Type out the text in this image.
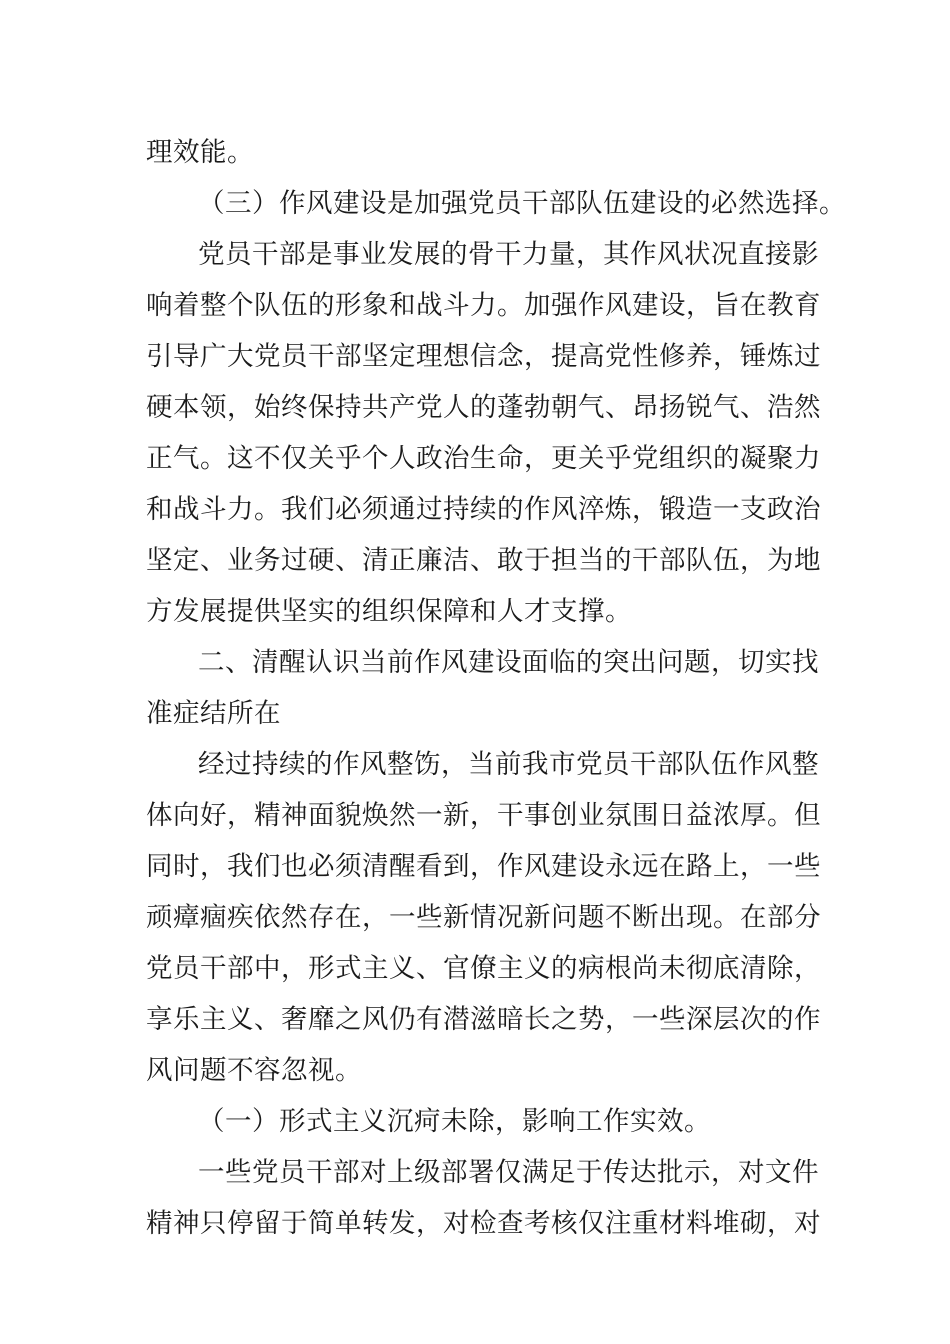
理效能。

（三）作风建设是加强党员干部队伍建设的必然选择。

党员干部是事业发展的骨干力量，其作风状况直接影

响着整个队伍的形象和战斗力。加强作风建设，旨在教育

引导广大党员干部坚定理想信念，提高党性修养，锤炼过

硬本领，始终保持共产党人的蓬勃朝气、昂扬锐气、浩然

正气。这不仅关乎个人政治生命，更关乎党组织的凝聚力

和战斗力。我们必须通过持续的作风淬炼，锻造一支政治

坚定、业务过硬、清正廉洁、敢于担当的干部队伍，为地

方发展提供坚实的组织保障和人才支撑。

二、清醒认识当前作风建设面临的突出问题，切实找

准症结所在

经过持续的作风整饬，当前我市党员干部队伍作风整

体向好，精神面貌焕然一新，干事创业氛围日益浓厚。但

同时，我们也必须清醒看到，作风建设永远在路上，一些

顽瘴痼疾依然存在，一些新情况新问题不断出现。在部分

党员干部中，形式主义、官僚主义的病根尚未彻底清除，

享乐主义、奢靡之风仍有潜滋暗长之势，一些深层次的作

风问题不容忽视。

（一）形式主义沉疴未除，影响工作实效。

一些党员干部对上级部署仅满足于传达批示，对文件

精神只停留于简单转发，对检查考核仅注重材料堆砌，对
